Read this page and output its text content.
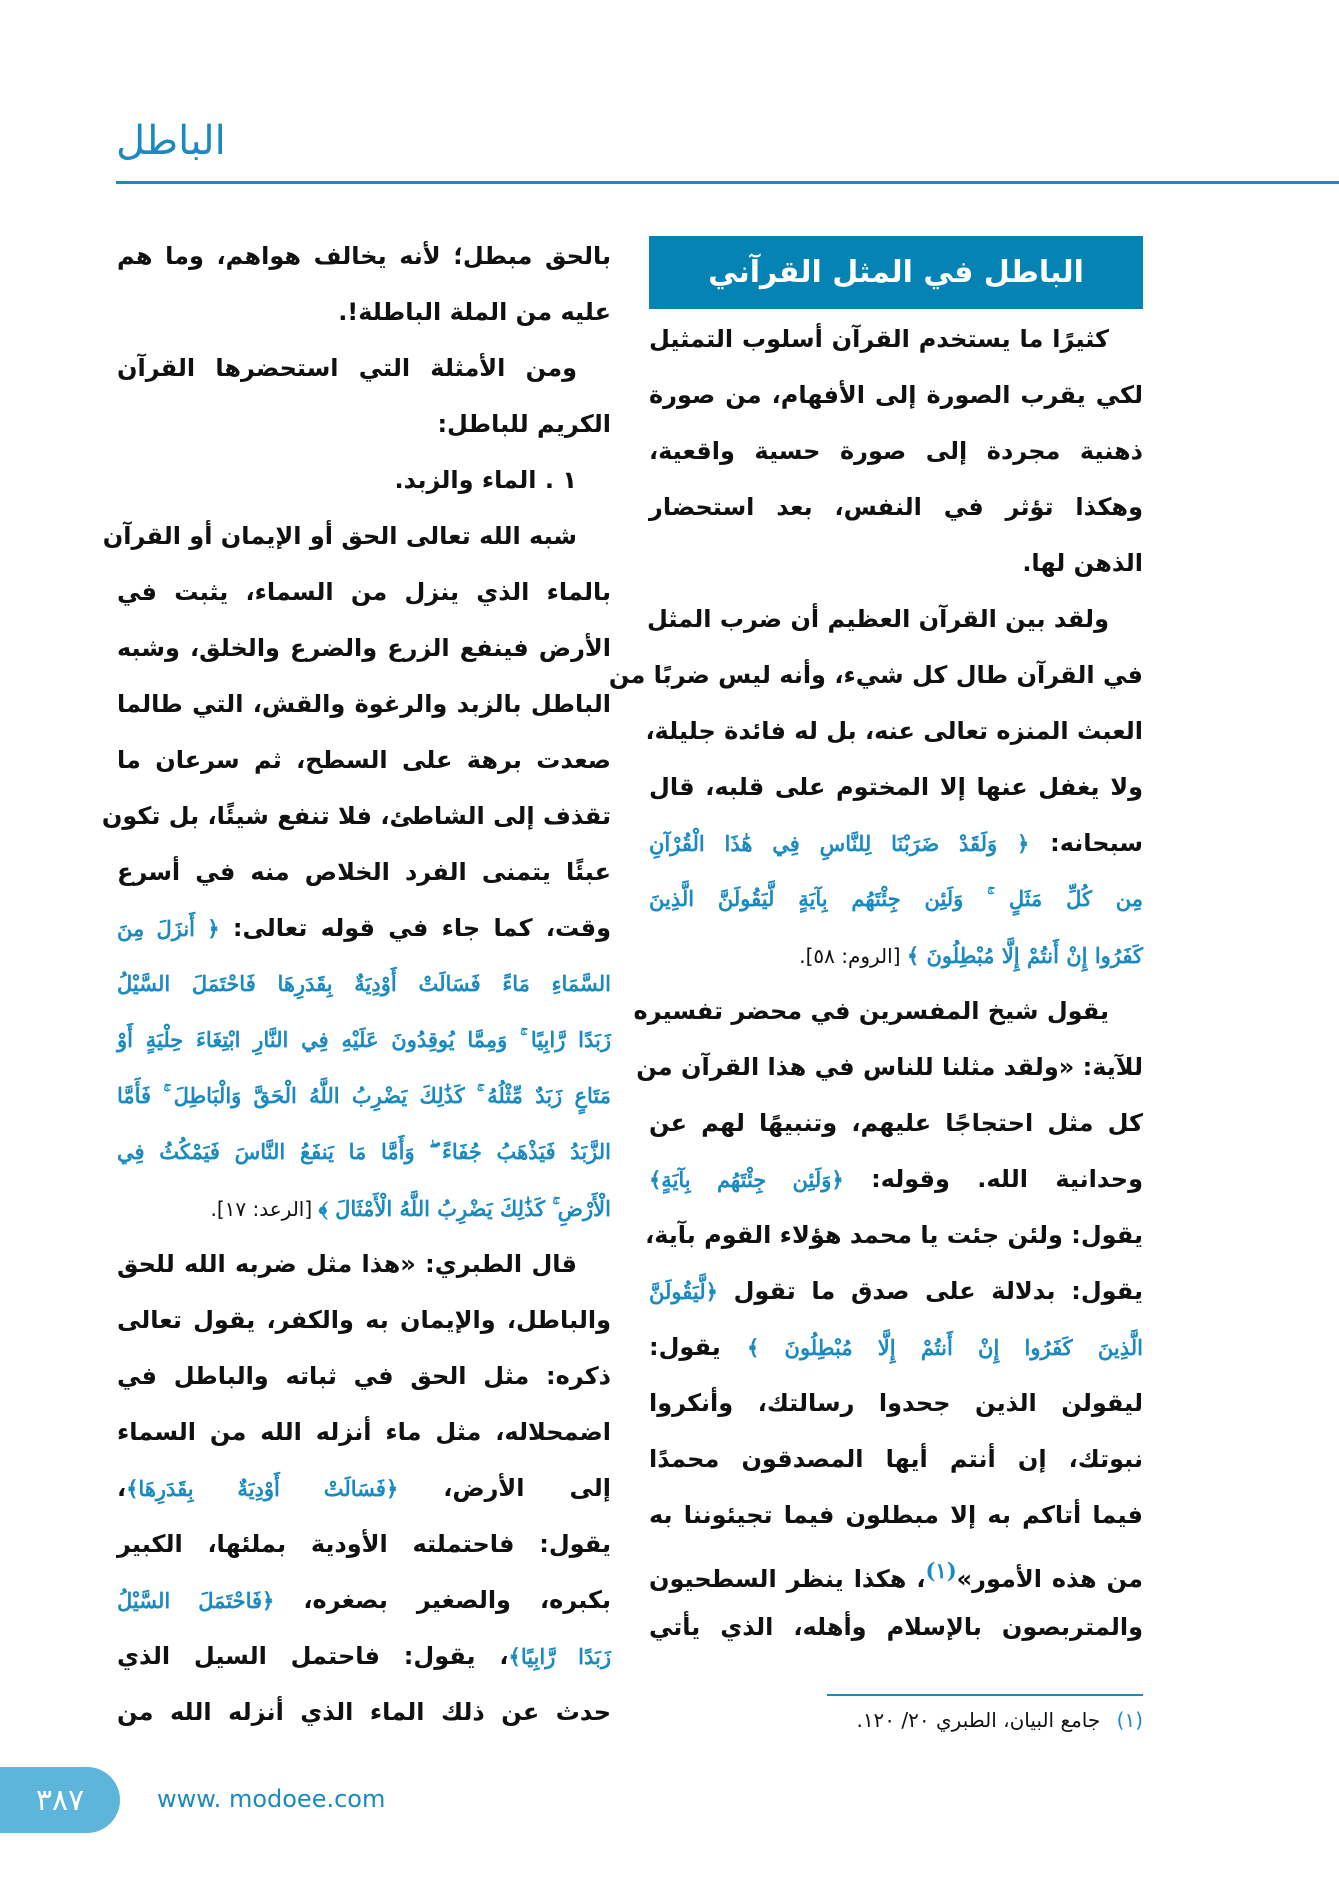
الباطل
الباطل في المثل القرآني
كثيرًا ما يستخدم القرآن أسلوب التمثيل
لكي يقرب الصورة إلى الأفهام، من صورة
ذهنية مجردة إلى صورة حسية واقعية،
وهكذا تؤثر في النفس، بعد استحضار
الذهن لها.
ولقد بين القرآن العظيم أن ضرب المثل
في القرآن طال كل شيء، وأنه ليس ضربًا من
العبث المنزه تعالى عنه، بل له فائدة جليلة،
ولا يغفل عنها إلا المختوم على قلبه، قال
سبحانه: ﴿ وَلَقَدْ ضَرَبْنَا لِلنَّاسِ فِي هَٰذَا الْقُرْآنِ
مِن كُلِّ مَثَلٍ ۚ وَلَئِن جِئْتَهُم بِآيَةٍ لَّيَقُولَنَّ الَّذِينَ
كَفَرُوا إِنْ أَنتُمْ إِلَّا مُبْطِلُونَ ﴾ [الروم: ٥٨].
يقول شيخ المفسرين في محضر تفسيره
للآية: «ولقد مثلنا للناس في هذا القرآن من
كل مثل احتجاجًا عليهم، وتنبيهًا لهم عن
وحدانية الله. وقوله: ﴿وَلَئِن جِئْتَهُم بِآيَةٍ﴾
يقول: ولئن جئت يا محمد هؤلاء القوم بآية،
يقول: بدلالة على صدق ما تقول ﴿لَّيَقُولَنَّ
الَّذِينَ كَفَرُوا إِنْ أَنتُمْ إِلَّا مُبْطِلُونَ ﴾ يقول:
ليقولن الذين جحدوا رسالتك، وأنكروا
نبوتك، إن أنتم أيها المصدقون محمدًا
فيما أتاكم به إلا مبطلون فيما تجيئوننا به
من هذه الأمور»$^{(١)}$، هكذا ينظر السطحيون
والمتربصون بالإسلام وأهله، الذي يأتي
بالحق مبطل؛ لأنه يخالف هواهم، وما هم
عليه من الملة الباطلة!.
ومن الأمثلة التي استحضرها القرآن
الكريم للباطل:
١ . الماء والزبد.
شبه الله تعالى الحق أو الإيمان أو القرآن
بالماء الذي ينزل من السماء، يثبت في
الأرض فينفع الزرع والضرع والخلق، وشبه
الباطل بالزبد والرغوة والقش، التي طالما
صعدت برهة على السطح، ثم سرعان ما
تقذف إلى الشاطئ، فلا تنفع شيئًا، بل تكون
عبئًا يتمنى الفرد الخلاص منه في أسرع
وقت، كما جاء في قوله تعالى: ﴿ أَنزَلَ مِنَ
السَّمَاءِ مَاءً فَسَالَتْ أَوْدِيَةٌ بِقَدَرِهَا فَاحْتَمَلَ السَّيْلُ
زَبَدًا رَّابِيًا ۚ وَمِمَّا يُوقِدُونَ عَلَيْهِ فِي النَّارِ ابْتِغَاءَ حِلْيَةٍ أَوْ
مَتَاعٍ زَبَدٌ مِّثْلُهُ ۚ كَذَٰلِكَ يَضْرِبُ اللَّهُ الْحَقَّ وَالْبَاطِلَ ۚ فَأَمَّا
الزَّبَدُ فَيَذْهَبُ جُفَاءً ۖ وَأَمَّا مَا يَنفَعُ النَّاسَ فَيَمْكُثُ فِي
الْأَرْضِ ۚ كَذَٰلِكَ يَضْرِبُ اللَّهُ الْأَمْثَالَ ﴾ [الرعد: ١٧].
قال الطبري: «هذا مثل ضربه الله للحق
والباطل، والإيمان به والكفر، يقول تعالى
ذكره: مثل الحق في ثباته والباطل في
اضمحلاله، مثل ماء أنزله الله من السماء
إلى الأرض، ﴿فَسَالَتْ أَوْدِيَةٌ بِقَدَرِهَا﴾،
يقول: فاحتملته الأودية بملئها، الكبير
بكبره، والصغير بصغره، ﴿فَاحْتَمَلَ السَّيْلُ
زَبَدًا رَّابِيًا﴾، يقول: فاحتمل السيل الذي
حدث عن ذلك الماء الذي أنزله الله من	(١) جامع البيان، الطبري ٢٠/ ١٢٠.
٣٨٧	www. modoee.com
